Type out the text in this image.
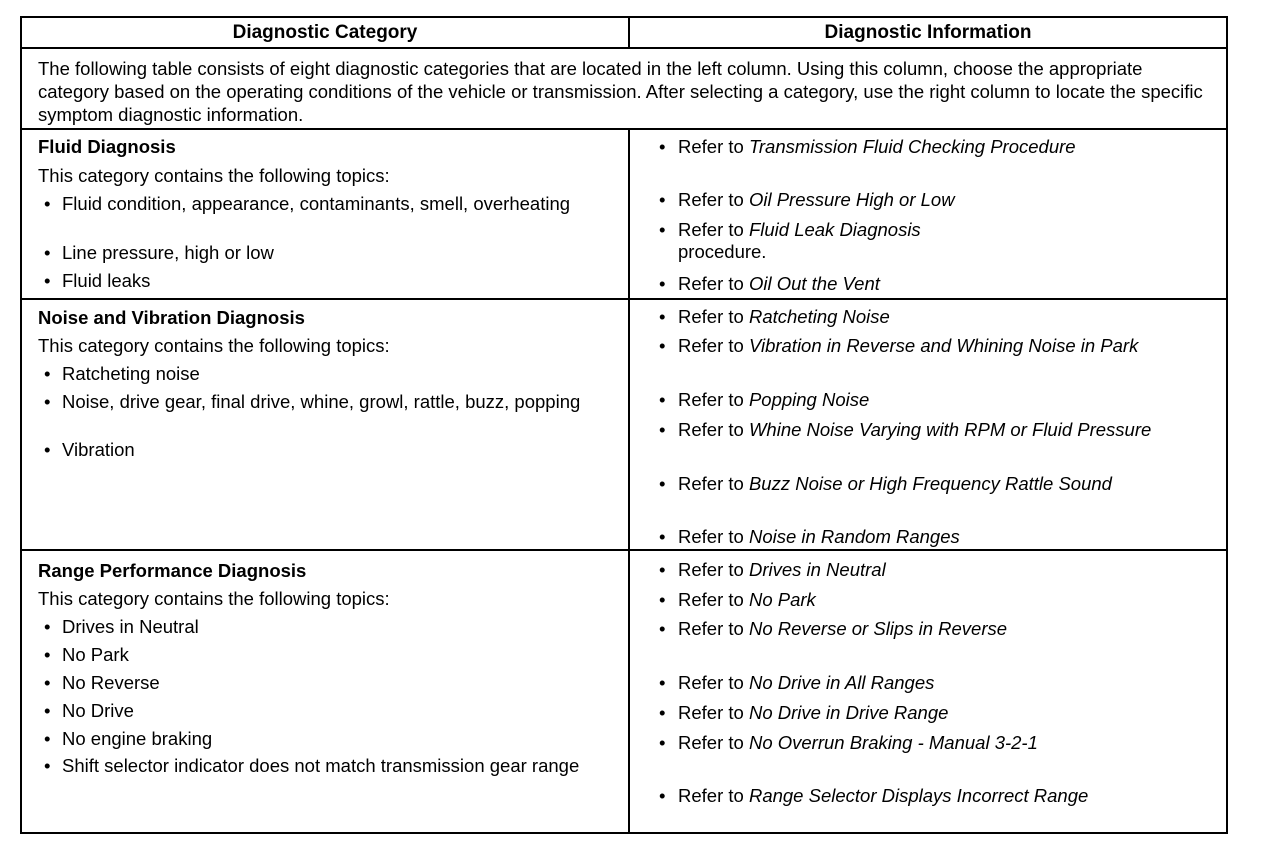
Diagnostic Category	Diagnostic Information
The following table consists of eight diagnostic categories that are located in the left column. Using this column, choose the appropriate category based on the operating conditions of the vehicle or transmission. After selecting a category, use the right column to locate the specific symptom diagnostic information.
Fluid Diagnosis
This category contains the following topics:
• Fluid condition, appearance, contaminants, smell, overheating
• Line pressure, high or low
• Fluid leaks
• Refer to Transmission Fluid Checking Procedure
• Refer to Oil Pressure High or Low
• Refer to Fluid Leak Diagnosis
procedure.
• Refer to Oil Out the Vent
Noise and Vibration Diagnosis
This category contains the following topics:
• Ratcheting noise
• Noise, drive gear, final drive, whine, growl, rattle, buzz, popping
• Vibration
• Refer to Ratcheting Noise
• Refer to Vibration in Reverse and Whining Noise in Park
• Refer to Popping Noise
• Refer to Whine Noise Varying with RPM or Fluid Pressure
• Refer to Buzz Noise or High Frequency Rattle Sound
• Refer to Noise in Random Ranges
Range Performance Diagnosis
This category contains the following topics:
• Drives in Neutral
• No Park
• No Reverse
• No Drive
• No engine braking
• Shift selector indicator does not match transmission gear range
• Refer to Drives in Neutral
• Refer to No Park
• Refer to No Reverse or Slips in Reverse
• Refer to No Drive in All Ranges
• Refer to No Drive in Drive Range
• Refer to No Overrun Braking - Manual 3-2-1
• Refer to Range Selector Displays Incorrect Range
